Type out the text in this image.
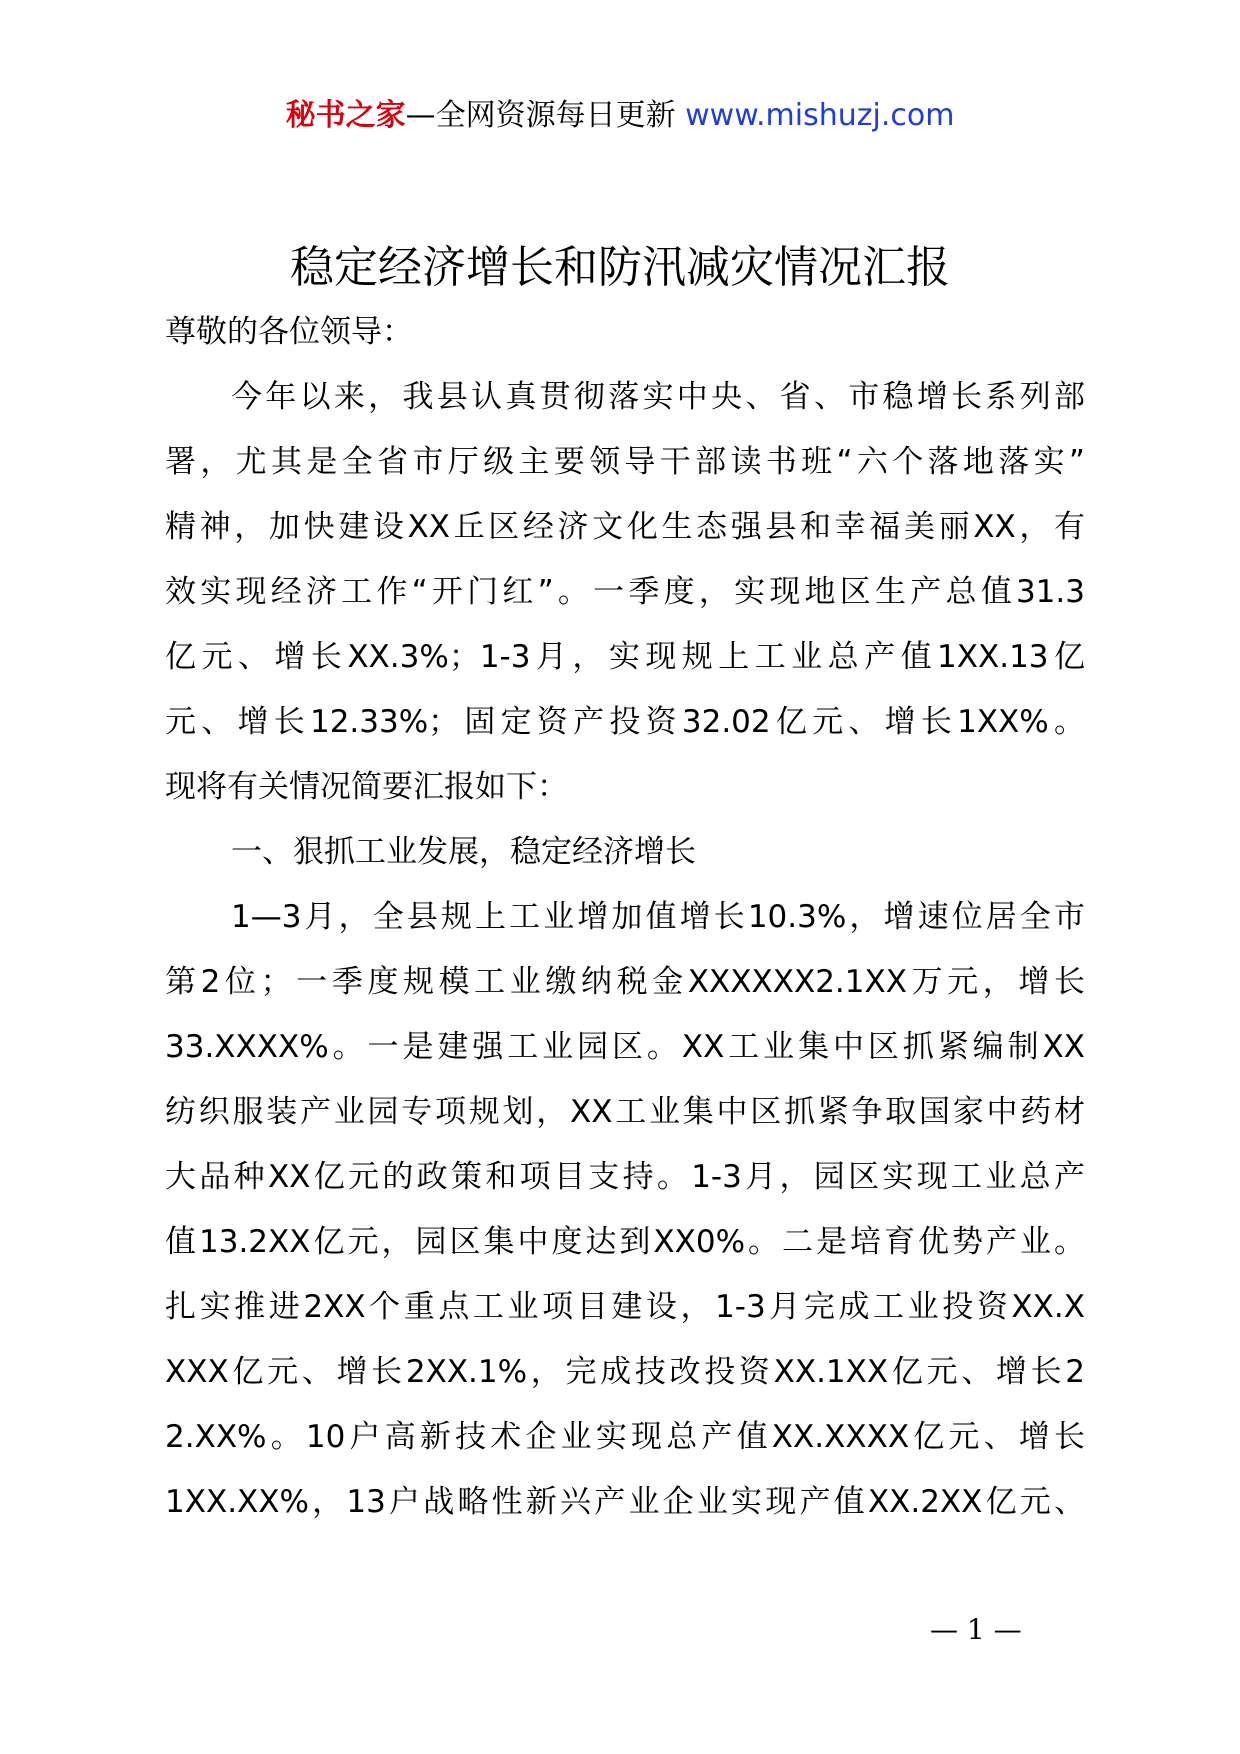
秘书之家—全网资源每日更新 www.mishuzj.com
稳定经济增长和防汛减灾情况汇报

尊敬的各位领导：

今年以来，我县认真贯彻落实中央、省、市稳增长系列部
署，尤其是全省市厅级主要领导干部读书班“六个落地落实”
精神，加快建设XX丘区经济文化生态强县和幸福美丽XX，有
效实现经济工作“开门红”。一季度，实现地区生产总值31.3
亿元、增长XX.3%；1-3月，实现规上工业总产值1XX.13亿
元、增长12.33%；固定资产投资32.02亿元、增长1XX%。
现将有关情况简要汇报如下：

一、狠抓工业发展，稳定经济增长

1—3月，全县规上工业增加值增长10.3%，增速位居全市
第2位；一季度规模工业缴纳税金XXXXXX2.1XX万元，增长
33.XXXX%。一是建强工业园区。XX工业集中区抓紧编制XX
纺织服装产业园专项规划，XX工业集中区抓紧争取国家中药材
大品种XX亿元的政策和项目支持。1-3月，园区实现工业总产
值13.2XX亿元，园区集中度达到XX0%。二是培育优势产业。
扎实推进2XX个重点工业项目建设，1-3月完成工业投资XX.X
XXX亿元、增长2XX.1%，完成技改投资XX.1XX亿元、增长2
2.XX%。10户高新技术企业实现总产值XX.XXXX亿元、增长
1XX.XX%，13户战略性新兴产业企业实现产值XX.2XX亿元、

— 1 —
